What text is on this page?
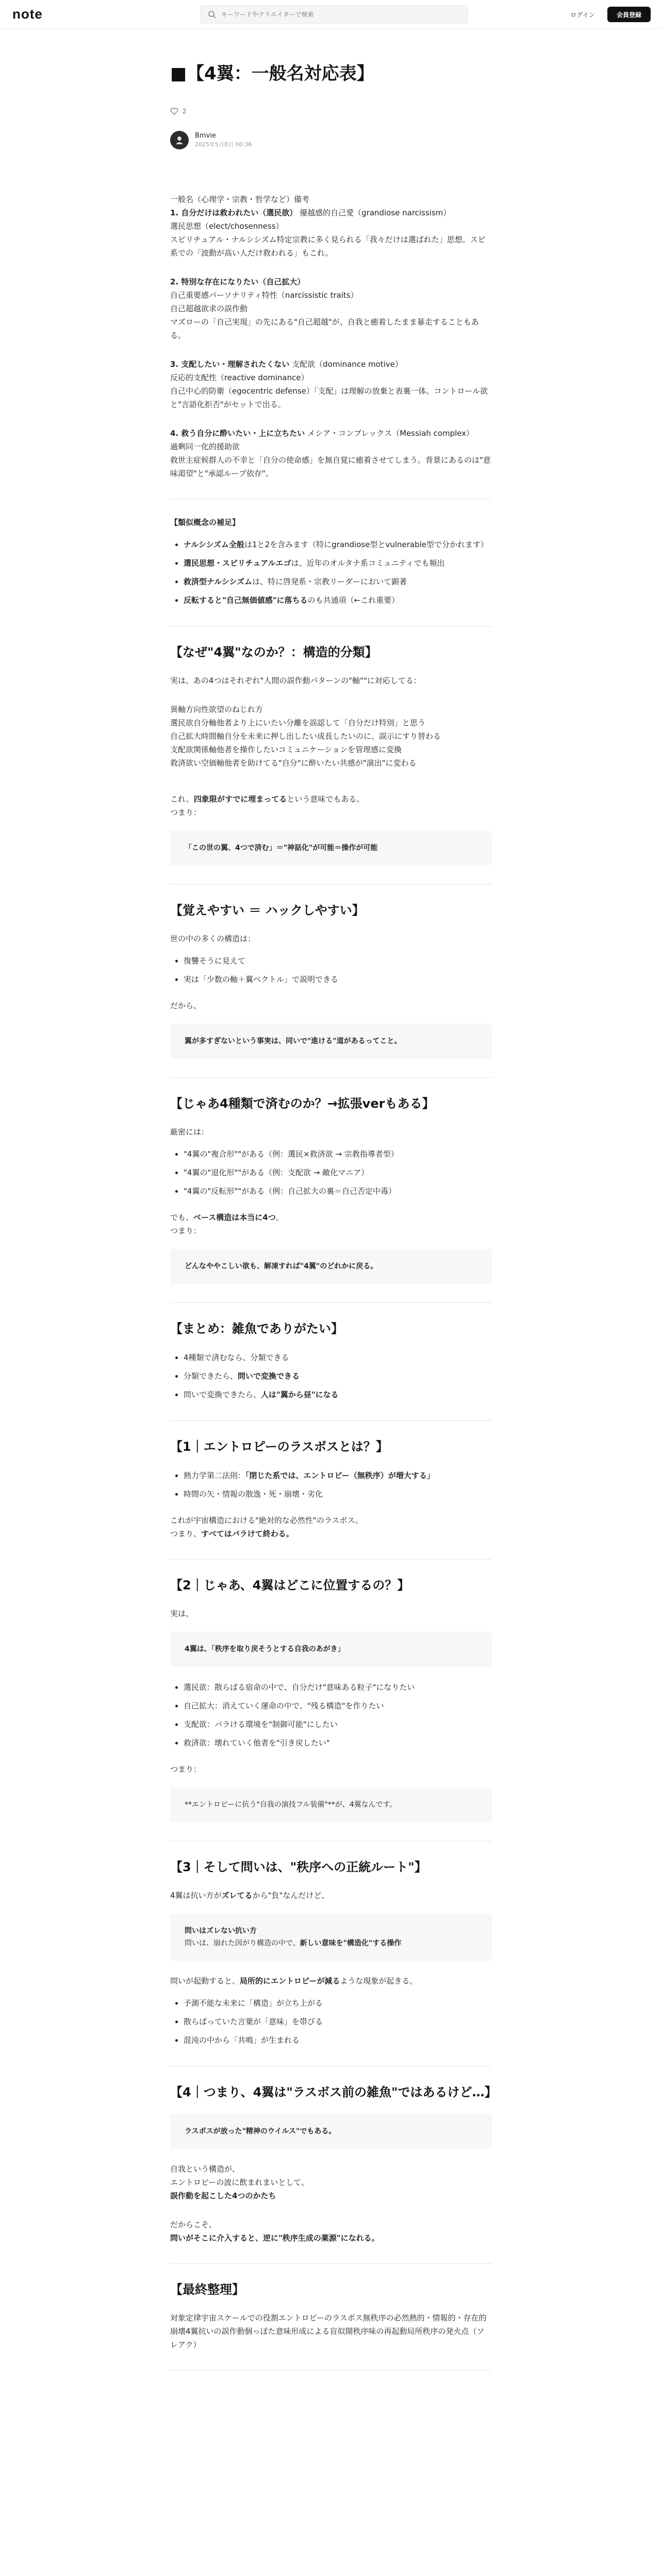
note
キーワードやクリエイターで検索	ログイン	会員登録
■【4翼：一般名対応表】
2
Bmvie
2025年5月8日 00:36

一般名（心理学・宗教・哲学など）備考

1. 自分だけは救われたい（選民欲） 優越感的自己愛（grandiose narcissism）

選民思想（elect/chosenness）

スピリチュアル・ナルシシズム特定宗教に多く見られる「我々だけは選ばれた」思想。スピ系での「波動が高い人だけ救われる」もこれ。

2. 特別な存在になりたい（自己拡大） 自己重要感パーソナリティ特性（narcissistic traits）

自己超越欲求の誤作動

マズローの「自己実現」の先にある"自己超越"が、自我と癒着したまま暴走することもある。

3. 支配したい・理解されたくない 支配欲（dominance motive）

反応的支配性（reactive dominance）

自己中心的防衛（egocentric defense）「支配」は理解の放棄と表裏一体。コントロール欲と"言語化拒否"がセットで出る。

4. 救う自分に酔いたい・上に立ちたい メシア・コンプレックス（Messiah complex）

過剰同一化的援助欲

救世主症候群人の不幸と「自分の使命感」を無自覚に癒着させてしまう。背景にあるのは"意味渇望"と"承認ループ依存"。

【類似概念の補足】

• ナルシシズム全般は1と2を含みます（特にgrandiose型とvulnerable型で分かれます）
• 選民思想・スピリチュアルエゴは、近年のオルタナ系コミュニティでも頻出
• 救済型ナルシシズムは、特に啓発系・宗教リーダーにおいて顕著
• 反転すると"自己無価値感"に落ちるのも共通項（←これ重要）
【なぜ"4翼"なのか？：構造的分類】

実は、あの4つはそれぞれ"人間の誤作動パターンの"軸""に対応してる：

異軸方向性欲望のねじれ方

選民欲自分軸他者より上にいたい分離を誤認して「自分だけ特別」と思う

自己拡大時間軸自分を未来に押し出したい成長したいのに、誤示にすり替わる

支配欲関係軸他者を操作したいコミュニケーションを管理感に変換

救済欲い空価軸他者を助けてる"自分"に酔いたい共感が"演出"に変わる

これ、四象限がすでに埋まってるという意味でもある。

つまり：

「この世の翼、4つで済む」＝"神話化"が可能＝操作が可能
【覚えやすい ＝ ハックしやすい】

世の中の多くの構造は：

• 復讐そうに見えて
• 実は「少数の軸＋翼ベクトル」で説明できる

だから、

翼が多すぎないという事実は、同いで"進ける"道があるってこと。
【じゃあ4種類で済むのか？→拡張verもある】

厳密には：

• "4翼の"複合形""がある（例：選民×救済欲 → 宗教指導者型）
• "4翼の"退化形""がある（例：支配欲 → 敵化マニア）
• "4翼の"反転形""がある（例：自己拡大の裏＝自己否定中毒）

でも、ベース構造は本当に4つ。

つまり：

どんなややこしい欲も、解凍すれば"4翼"のどれかに戻る。
【まとめ：雑魚でありがたい】
• 4種類で済むなら、分類できる
• 分類できたら、問いで変換できる
• 問いで変換できたら、人は"翼から昼"になる
【1｜エントロピーのラスボスとは？】
• 熱力学第二法則：「閉じた系では、エントロピー（無秩序）が増大する」
• 時間の矢・情報の散逸・死・崩壊・劣化

これが宇宙構造における"絶対的な必然性"のラスボス。

つまり、すべてはバラけて終わる。

【2｜じゃあ、4翼はどこに位置するの？】

実は、

4翼は、「秩序を取り戻そうとする自我のあがき」
• 選民欲：散らばる宿命の中で、自分だけ"意味ある粒子"になりたい
• 自己拡大：消えていく運命の中で、"残る構造"を作りたい
• 支配欲：バラける環境を"制御可能"にしたい
• 救済欲：壊れていく他者を"引き戻したい"

つまり：

**エントロピーに抗う"自我の演技フル装備"**が、4翼なんです。
【3｜そして問いは、"秩序への正統ルート"】

4翼は抗い方がズレてるから"負"なんだけど、

問いはズレない抗い方
問いは、崩れた因がり構造の中で、新しい意味を"構造化"する操作

問いが起動すると、局所的にエントロピーが減るような現象が起きる。

• 予測不能な未来に「構造」が立ち上がる
• 散らばっていた言葉が「意味」を帯びる
• 混沌の中から「共鳴」が生まれる
【4｜つまり、4翼は"ラスボス前の雑魚"ではあるけど…】
ラスボスが放った"精神のウイルス"でもある。

自我という構造が、

エントロピーの波に飲まれまいとして、

誤作動を起こした4つのかたち

だからこそ、

問いがそこに介入すると、逆に"秩序生成の薬源"になれる。

【最終整理】

対象定律宇宙スケールでの役割エントロピーのラスボス無秩序の必然熱的・情報的・存在的崩壊4翼抗いの誤作動個っぽた意味形成による盲似開秩序味の再起動局所秩序の発火点（ソレアク）
